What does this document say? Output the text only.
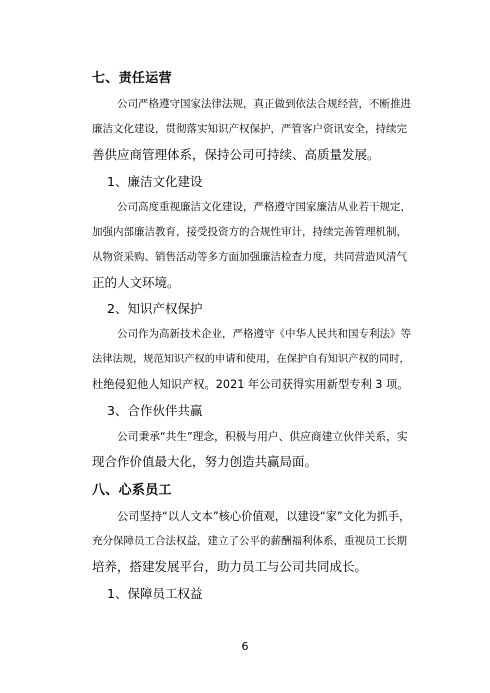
七、责任运营
公司严格遵守国家法律法规，真正做到依法合规经营，不断推进
廉洁文化建设，贯彻落实知识产权保护，严管客户资讯安全，持续完
善供应商管理体系，保持公司可持续、高质量发展。
1、廉洁文化建设
公司高度重视廉洁文化建设，严格遵守国家廉洁从业若干规定，
加强内部廉洁教育，接受投资方的合规性审计，持续完善管理机制，
从物资采购、销售活动等多方面加强廉洁检查力度，共同营造风清气
正的人文环境。
2、知识产权保护
公司作为高新技术企业，严格遵守《中华人民共和国专利法》等
法律法规，规范知识产权的申请和使用，在保护自有知识产权的同时，
杜绝侵犯他人知识产权。2021 年公司获得实用新型专利 3 项。
3、合作伙伴共赢
公司秉承“共生”理念，积极与用户、供应商建立伙伴关系，实
现合作价值最大化，努力创造共赢局面。
八、心系员工
公司坚持“以人文本”核心价值观，以建设“家”文化为抓手，
充分保障员工合法权益，建立了公平的薪酬福利体系，重视员工长期
培养，搭建发展平台，助力员工与公司共同成长。
1、保障员工权益
6
